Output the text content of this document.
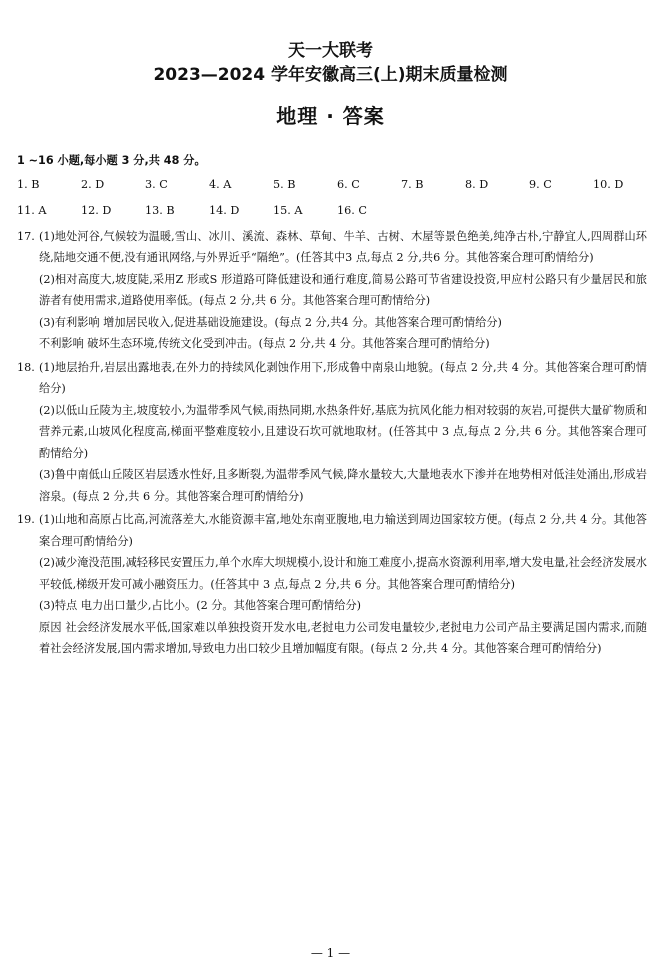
天一大联考
2023—2024 学年安徽高三(上)期末质量检测
地理 · 答案
1 ~16 小题,每小题 3 分,共 48 分。
1. B	2. D	3. C	4. A	5. B	6. C	7. B	8. D	9. C	10. D
11. A	12. D	13. B	14. D	15. A	16. C
17. (1)地处河谷,气候较为温暖,雪山、冰川、溪流、森林、草甸、牛羊、古树、木屋等景色绝美,纯净古朴,宁静宜人,四周群山环绕,陆地交通不便,没有通讯网络,与外界近乎“隔绝”。(任答其中3 点,每点 2 分,共6 分。其他答案合理可酌情给分)

(2)相对高度大,坡度陡,采用Z 形或S 形道路可降低建设和通行难度,简易公路可节省建设投资,甲应村公路只有少量居民和旅游者有使用需求,道路使用率低。(每点 2 分,共 6 分。其他答案合理可酌情给分)

(3)有利影响 增加居民收入,促进基础设施建设。(每点 2 分,共4 分。其他答案合理可酌情给分)

不利影响 破坏生态环境,传统文化受到冲击。(每点 2 分,共 4 分。其他答案合理可酌情给分)

18. (1)地层抬升,岩层出露地表,在外力的持续风化剥蚀作用下,形成鲁中南泉山地貌。(每点 2 分,共 4 分。其他答案合理可酌情给分)

(2)以低山丘陵为主,坡度较小,为温带季风气候,雨热同期,水热条件好,基底为抗风化能力相对较弱的灰岩,可提供大量矿物质和营养元素,山坡风化程度高,梯面平整难度较小,且建设石坎可就地取材。(任答其中 3 点,每点 2 分,共 6 分。其他答案合理可酌情给分)

(3)鲁中南低山丘陵区岩层透水性好,且多断裂,为温带季风气候,降水量较大,大量地表水下渗并在地势相对低洼处涌出,形成岩溶泉。(每点 2 分,共 6 分。其他答案合理可酌情给分)

19. (1)山地和高原占比高,河流落差大,水能资源丰富,地处东南亚腹地,电力输送到周边国家较方便。(每点 2 分,共 4 分。其他答案合理可酌情给分)

(2)减少淹没范围,减轻移民安置压力,单个水库大坝规模小,设计和施工难度小,提高水资源利用率,增大发电量,社会经济发展水平较低,梯级开发可减小融资压力。(任答其中 3 点,每点 2 分,共 6 分。其他答案合理可酌情给分)

(3)特点 电力出口量少,占比小。(2 分。其他答案合理可酌情给分)

原因 社会经济发展水平低,国家难以单独投资开发水电,老挝电力公司发电量较少,老挝电力公司产品主要满足国内需求,而随着社会经济发展,国内需求增加,导致电力出口较少且增加幅度有限。(每点 2 分,共 4 分。其他答案合理可酌情给分)

— 1 —
